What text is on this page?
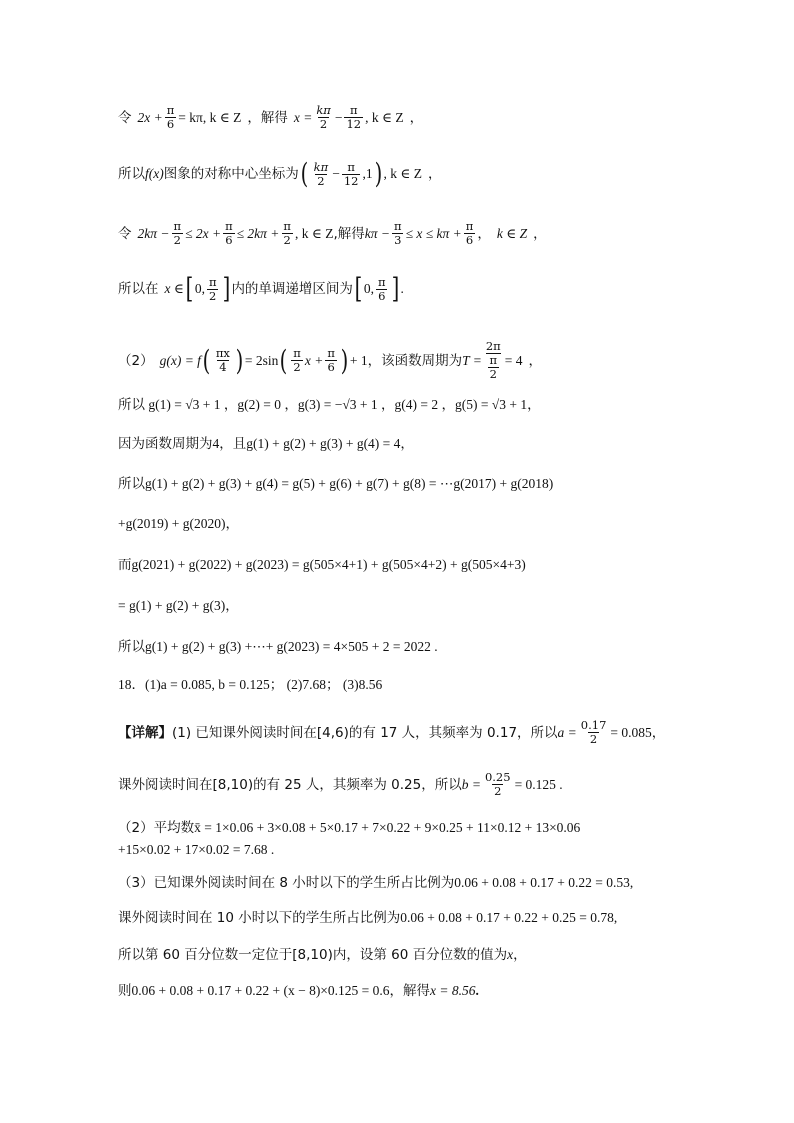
令 $2x + \frac{\pi}{6} = k\pi$, k ∈ Z ，解得 $x = \frac{k\pi}{2} - \frac{\pi}{12}$ , k ∈ Z ，
所以 f(x) 图象的对称中心坐标为 ( $\frac{k\pi}{2} - \frac{\pi}{12} ,1$ ) , k ∈ Z ，
令 $2k\pi - \frac{\pi}{2} \le 2x + \frac{\pi}{6} \le 2k\pi + \frac{\pi}{2}$ , k ∈ Z ,解得 $k\pi - \frac{\pi}{3} \le x \le k\pi + \frac{\pi}{6}$ ， k ∈ Z ，
所以在 x ∈ [ 0, $\frac{\pi}{2}$ ] 内的单调递增区间为 [ 0, $\frac{\pi}{6}$ ] .
（2） g(x) = f ( $\frac{\pi x}{4}$ ) = 2sin ( $\frac{\pi}{2}$ $x + \frac{\pi}{6}$ ) + 1 ，该函数周期为 T = 2π
π
2 = 4 ，
所以 g(1) = √3 + 1 ，g(2) = 0 ，g(3) = −√3 + 1 ，g(4) = 2 ，g(5) = √3 + 1，
因为函数周期为 4 ，且 g(1) + g(2) + g(3) + g(4) = 4 ，
所以 g(1) + g(2) + g(3) + g(4) = g(5) + g(6) + g(7) + g(8) = ⋯g(2017) + g(2018)
+g(2019) + g(2020)，
而 g(2021) + g(2022) + g(2023) = g(505×4+1) + g(505×4+2) + g(505×4+3)
= g(1) + g(2) + g(3)，
所以 g(1) + g(2) + g(3) +⋯+ g(2023) = 4×505 + 2 = 2022 .
18．(1)a = 0.085, b = 0.125； (2)7.68； (3)8.56
【详解】 (1) 已知课外阅读时间在[4,6)的有 17 人，其频率为 0.17，所以 $a = \frac{0.17}{2} = 0.085$，
课外阅读时间在[8,10)的有 25 人，其频率为 0.25，所以 $b = \frac{0.25}{2} = 0.125$ .
（2）平均数 x̄ = 1×0.06 + 3×0.08 + 5×0.17 + 7×0.22 + 9×0.25 + 11×0.12 + 13×0.06
+15×0.02 + 17×0.02 = 7.68 .
（3）已知课外阅读时间在 8 小时以下的学生所占比例为 0.06 + 0.08 + 0.17 + 0.22 = 0.53,
课外阅读时间在 10 小时以下的学生所占比例为 0.06 + 0.08 + 0.17 + 0.22 + 0.25 = 0.78,
所以第 60 百分位数一定位于[8,10)内，设第 60 百分位数的值为 x ，
则 0.06 + 0.08 + 0.17 + 0.22 + (x − 8)×0.125 = 0.6 ，解得 x = 8.56 .
